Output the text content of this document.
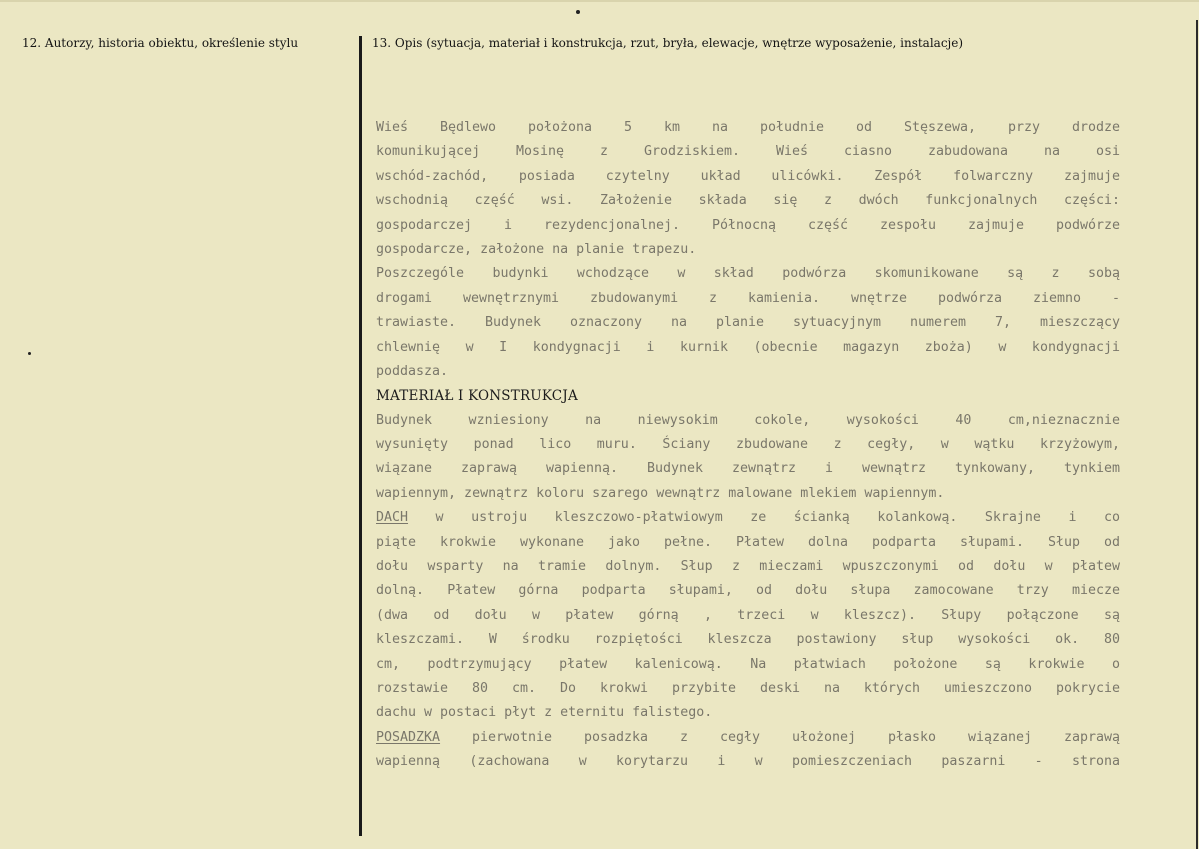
12. Autorzy, historia obiektu, określenie stylu	13. Opis (sytuacja, materiał i konstrukcja, rzut, bryła, elewacje, wnętrze wyposażenie, instalacje)
Wieś Będlewo położona 5 km na południe od Stęszewa, przy drodze
komunikującej Mosinę z Grodziskiem. Wieś ciasno zabudowana na osi
wschód-zachód, posiada czytelny układ ulicówki. Zespół folwarczny zajmuje
wschodnią część wsi. Założenie składa się z dwóch funkcjonalnych części:
gospodarczej i rezydencjonalnej. Północną część zespołu zajmuje podwórze
gospodarcze, założone na planie trapezu.
Poszczególe budynki wchodzące w skład podwórza skomunikowane są z sobą
drogami wewnętrznymi zbudowanymi z kamienia. wnętrze podwórza ziemno -
trawiaste. Budynek oznaczony na planie sytuacyjnym numerem 7, mieszczący
chlewnię w I kondygnacji i kurnik (obecnie magazyn zboża) w kondygnacji
poddasza.
MATERIAŁ I KONSTRUKCJA
Budynek wzniesiony na niewysokim cokole, wysokości 40 cm,nieznacznie
wysunięty ponad lico muru. Ściany zbudowane z cegły, w wątku krzyżowym,
wiązane zaprawą wapienną. Budynek zewnątrz i wewnątrz tynkowany, tynkiem
wapiennym, zewnątrz koloru szarego wewnątrz malowane mlekiem wapiennym.
DACH w ustroju kleszczowo-płatwiowym ze ścianką kolankową. Skrajne i co
piąte krokwie wykonane jako pełne. Płatew dolna podparta słupami. Słup od
dołu wsparty na tramie dolnym. Słup z mieczami wpuszczonymi od dołu w płatew
dolną. Płatew górna podparta słupami, od dołu słupa zamocowane trzy miecze
(dwa od dołu w płatew górną , trzeci w kleszcz). Słupy połączone są
kleszczami. W środku rozpiętości kleszcza postawiony słup wysokości ok. 80
cm, podtrzymujący płatew kalenicową. Na płatwiach położone są krokwie o
rozstawie 80 cm. Do krokwi przybite deski na których umieszczono pokrycie
dachu w postaci płyt z eternitu falistego.
POSADZKA pierwotnie posadzka z cegły ułożonej płasko wiązanej zaprawą
wapienną (zachowana w korytarzu i w pomieszczeniach paszarni - strona
